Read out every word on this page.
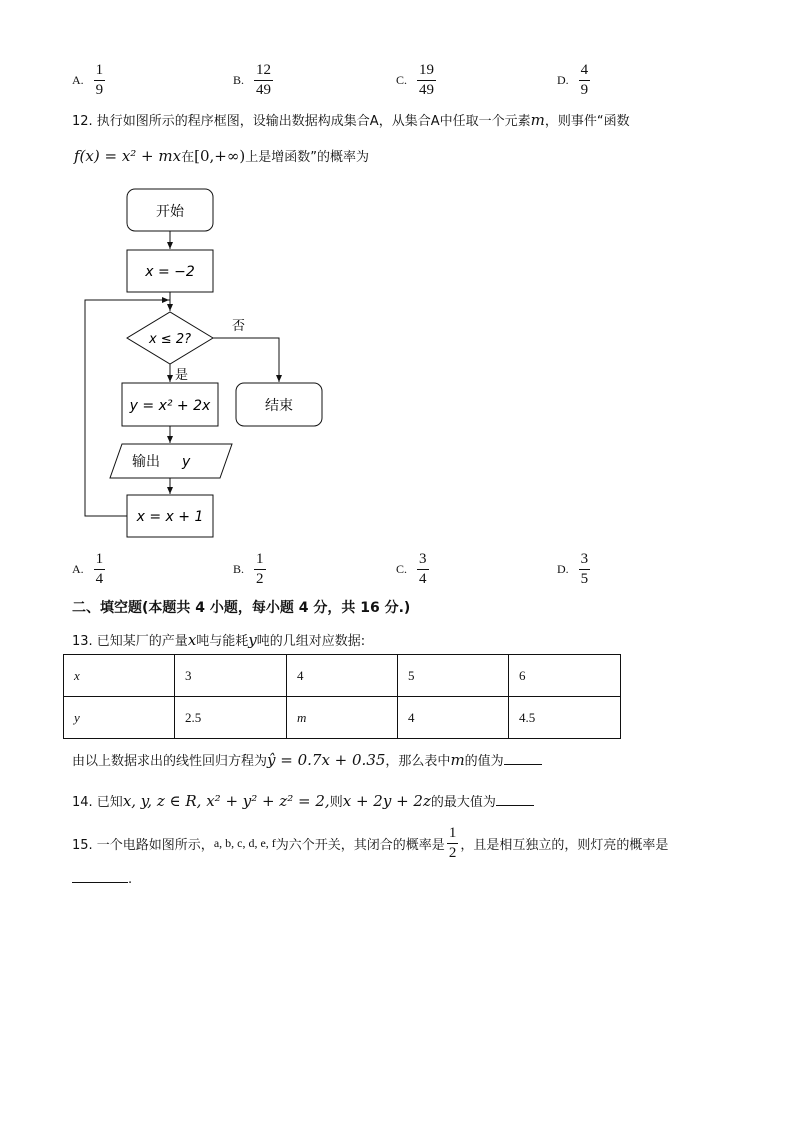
A. $\frac{1}{9}$	B. $\frac{12}{49}$	C. $\frac{19}{49}$	D. $\frac{4}{9}$
12. 执行如图所示的程序框图，设输出数据构成集合A，从集合A中任取一个元素m，则事件“函数
f(x) = x² + mx在[0,+∞)上是增函数”的概率为
开始
x = −2
x ≤ 2?
否
是
y = x² + 2x	结束
输出 y
x = x + 1
A. $\frac{1}{4}$	B. $\frac{1}{2}$	C. $\frac{3}{4}$	D. $\frac{3}{5}$
二、填空题(本题共 4 小题，每小题 4 分，共 16 分.)
13. 已知某厂的产量x吨与能耗y吨的几组对应数据:
x	3	4	5	6
y	2.5	m	4	4.5
由以上数据求出的线性回归方程为ŷ = 0.7x + 0.35，那么表中m的值为
14. 已知x, y, z ∈ R, x² + y² + z² = 2,则x + 2y + 2z的最大值为
15. 一个电路如图所示， a, b, c, d, e, f 为六个开关，其闭合的概率是 $\frac{1}{2}$ ，且是相互独立的，则灯亮的概率是
.
